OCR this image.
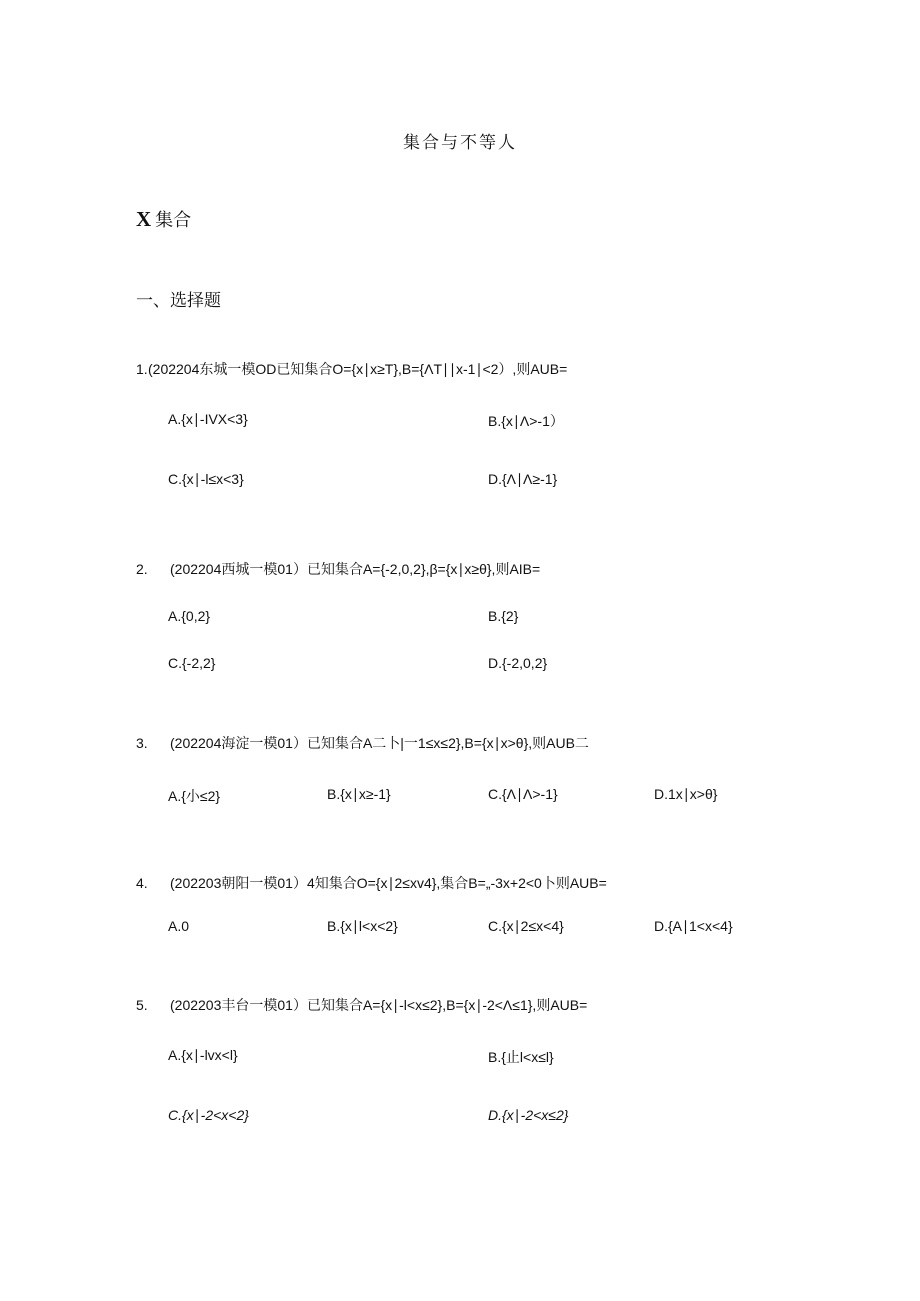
集合与不等人
X 集合
一、选择题
1.(202204东城一模OD已知集合O={x∣x≥T},B={ΛT∣∣x-1∣<2）,则AUB=
A.{x∣-IVX<3}	B.{x∣Λ>-1）
C.{x∣-l≤x<3}	D.{Λ∣Λ≥-1}
2. (202204西城一模01）已知集合A={-2,0,2},β={x∣x≥θ},则AIB=
A.{0,2}	B.{2}
C.{-2,2}	D.{-2,0,2}
3. (202204海淀一模01）已知集合A二卜|一1≤x≤2},B={x∣x>θ},则AUB二
A.{小≤2}	B.{x∣x≥-1}	C.{Λ∣Λ>-1}	D.1x∣x>θ}
4. (202203朝阳一模01）4知集合O={x∣2≤xv4},集合B=„-3x+2<0卜则AUB=
A.0	B.{x∣l<x<2}	C.{x∣2≤x<4}	D.{A∣1<x<4}
5. (202203丰台一模01）已知集合A={x∣-l<x≤2},B={x∣-2<Λ≤1},则AUB=
A.{x∣-lvx<l}	B.{止l<x≤l}
C.{x∣-2<x<2}	D.{x∣-2<x≤2}
